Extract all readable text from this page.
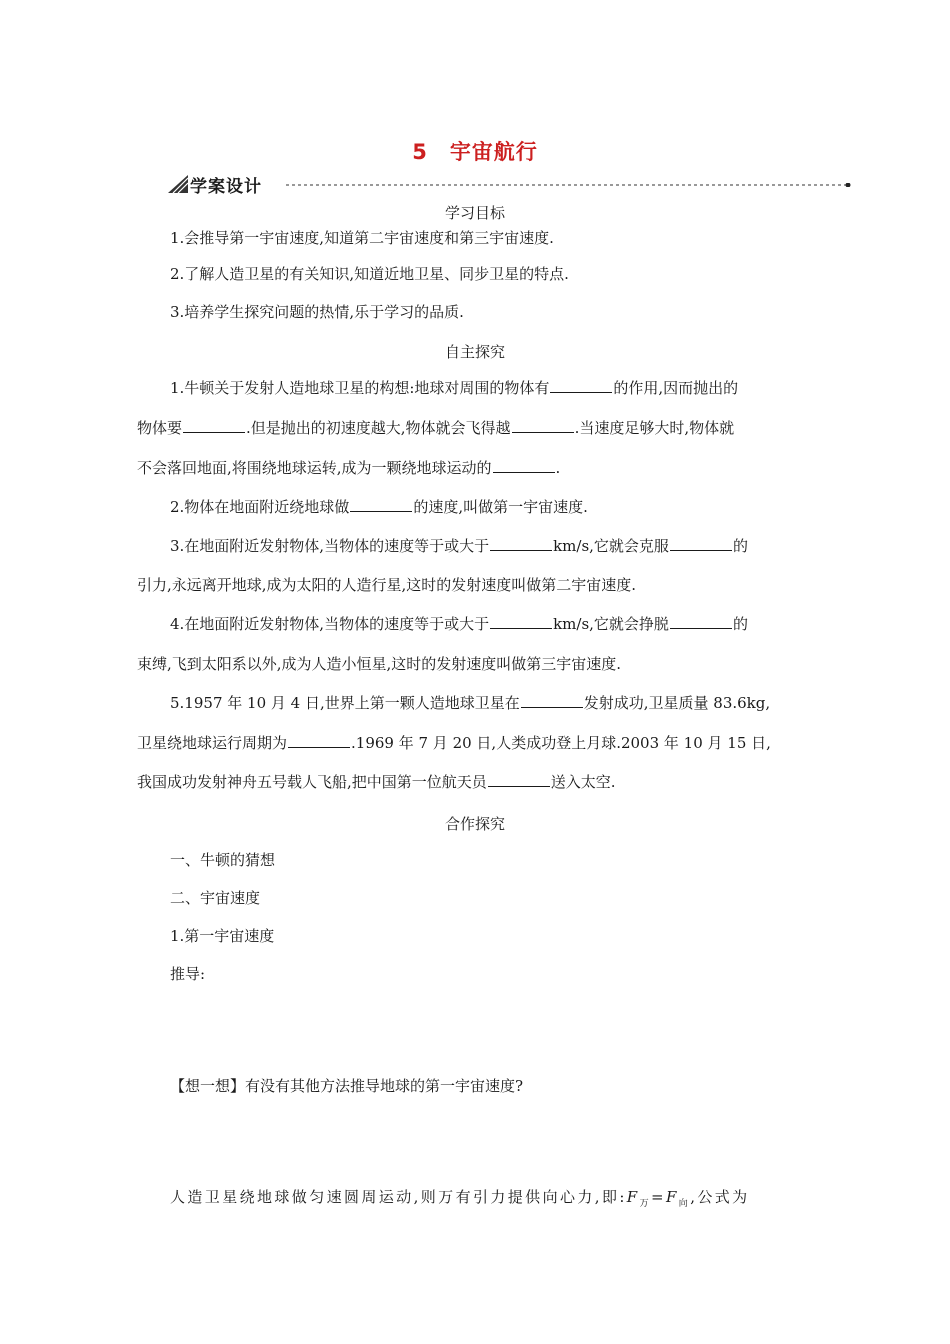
5 宇宙航行
学案设计
学习目标
1.会推导第一宇宙速度,知道第二宇宙速度和第三宇宙速度.
2.了解人造卫星的有关知识,知道近地卫星、同步卫星的特点.
3.培养学生探究问题的热情,乐于学习的品质.
自主探究
1.牛顿关于发射人造地球卫星的构想:地球对周围的物体有	的作用,因而抛出的
物体要	.但是抛出的初速度越大,物体就会飞得越	.当速度足够大时,物体就
不会落回地面,将围绕地球运转,成为一颗绕地球运动的	.
2.物体在地面附近绕地球做	的速度,叫做第一宇宙速度.
3.在地面附近发射物体,当物体的速度等于或大于	km/s,它就会克服	的
引力,永远离开地球,成为太阳的人造行星,这时的发射速度叫做第二宇宙速度.
4.在地面附近发射物体,当物体的速度等于或大于	km/s,它就会挣脱	的
束缚,飞到太阳系以外,成为人造小恒星,这时的发射速度叫做第三宇宙速度.
5.1957 年 10 月 4 日,世界上第一颗人造地球卫星在	发射成功,卫星质量 83.6kg,
卫星绕地球运行周期为	.1969 年 7 月 20 日,人类成功登上月球.2003 年 10 月 15 日,
我国成功发射神舟五号载人飞船,把中国第一位航天员	送入太空.
合作探究
一、牛顿的猜想
二、宇宙速度
1.第一宇宙速度
推导:
【想一想】有没有其他方法推导地球的第一宇宙速度?
人造卫星绕地球做匀速圆周运动,则万有引力提供向心力,即$:F_万=F_向$,公式为
